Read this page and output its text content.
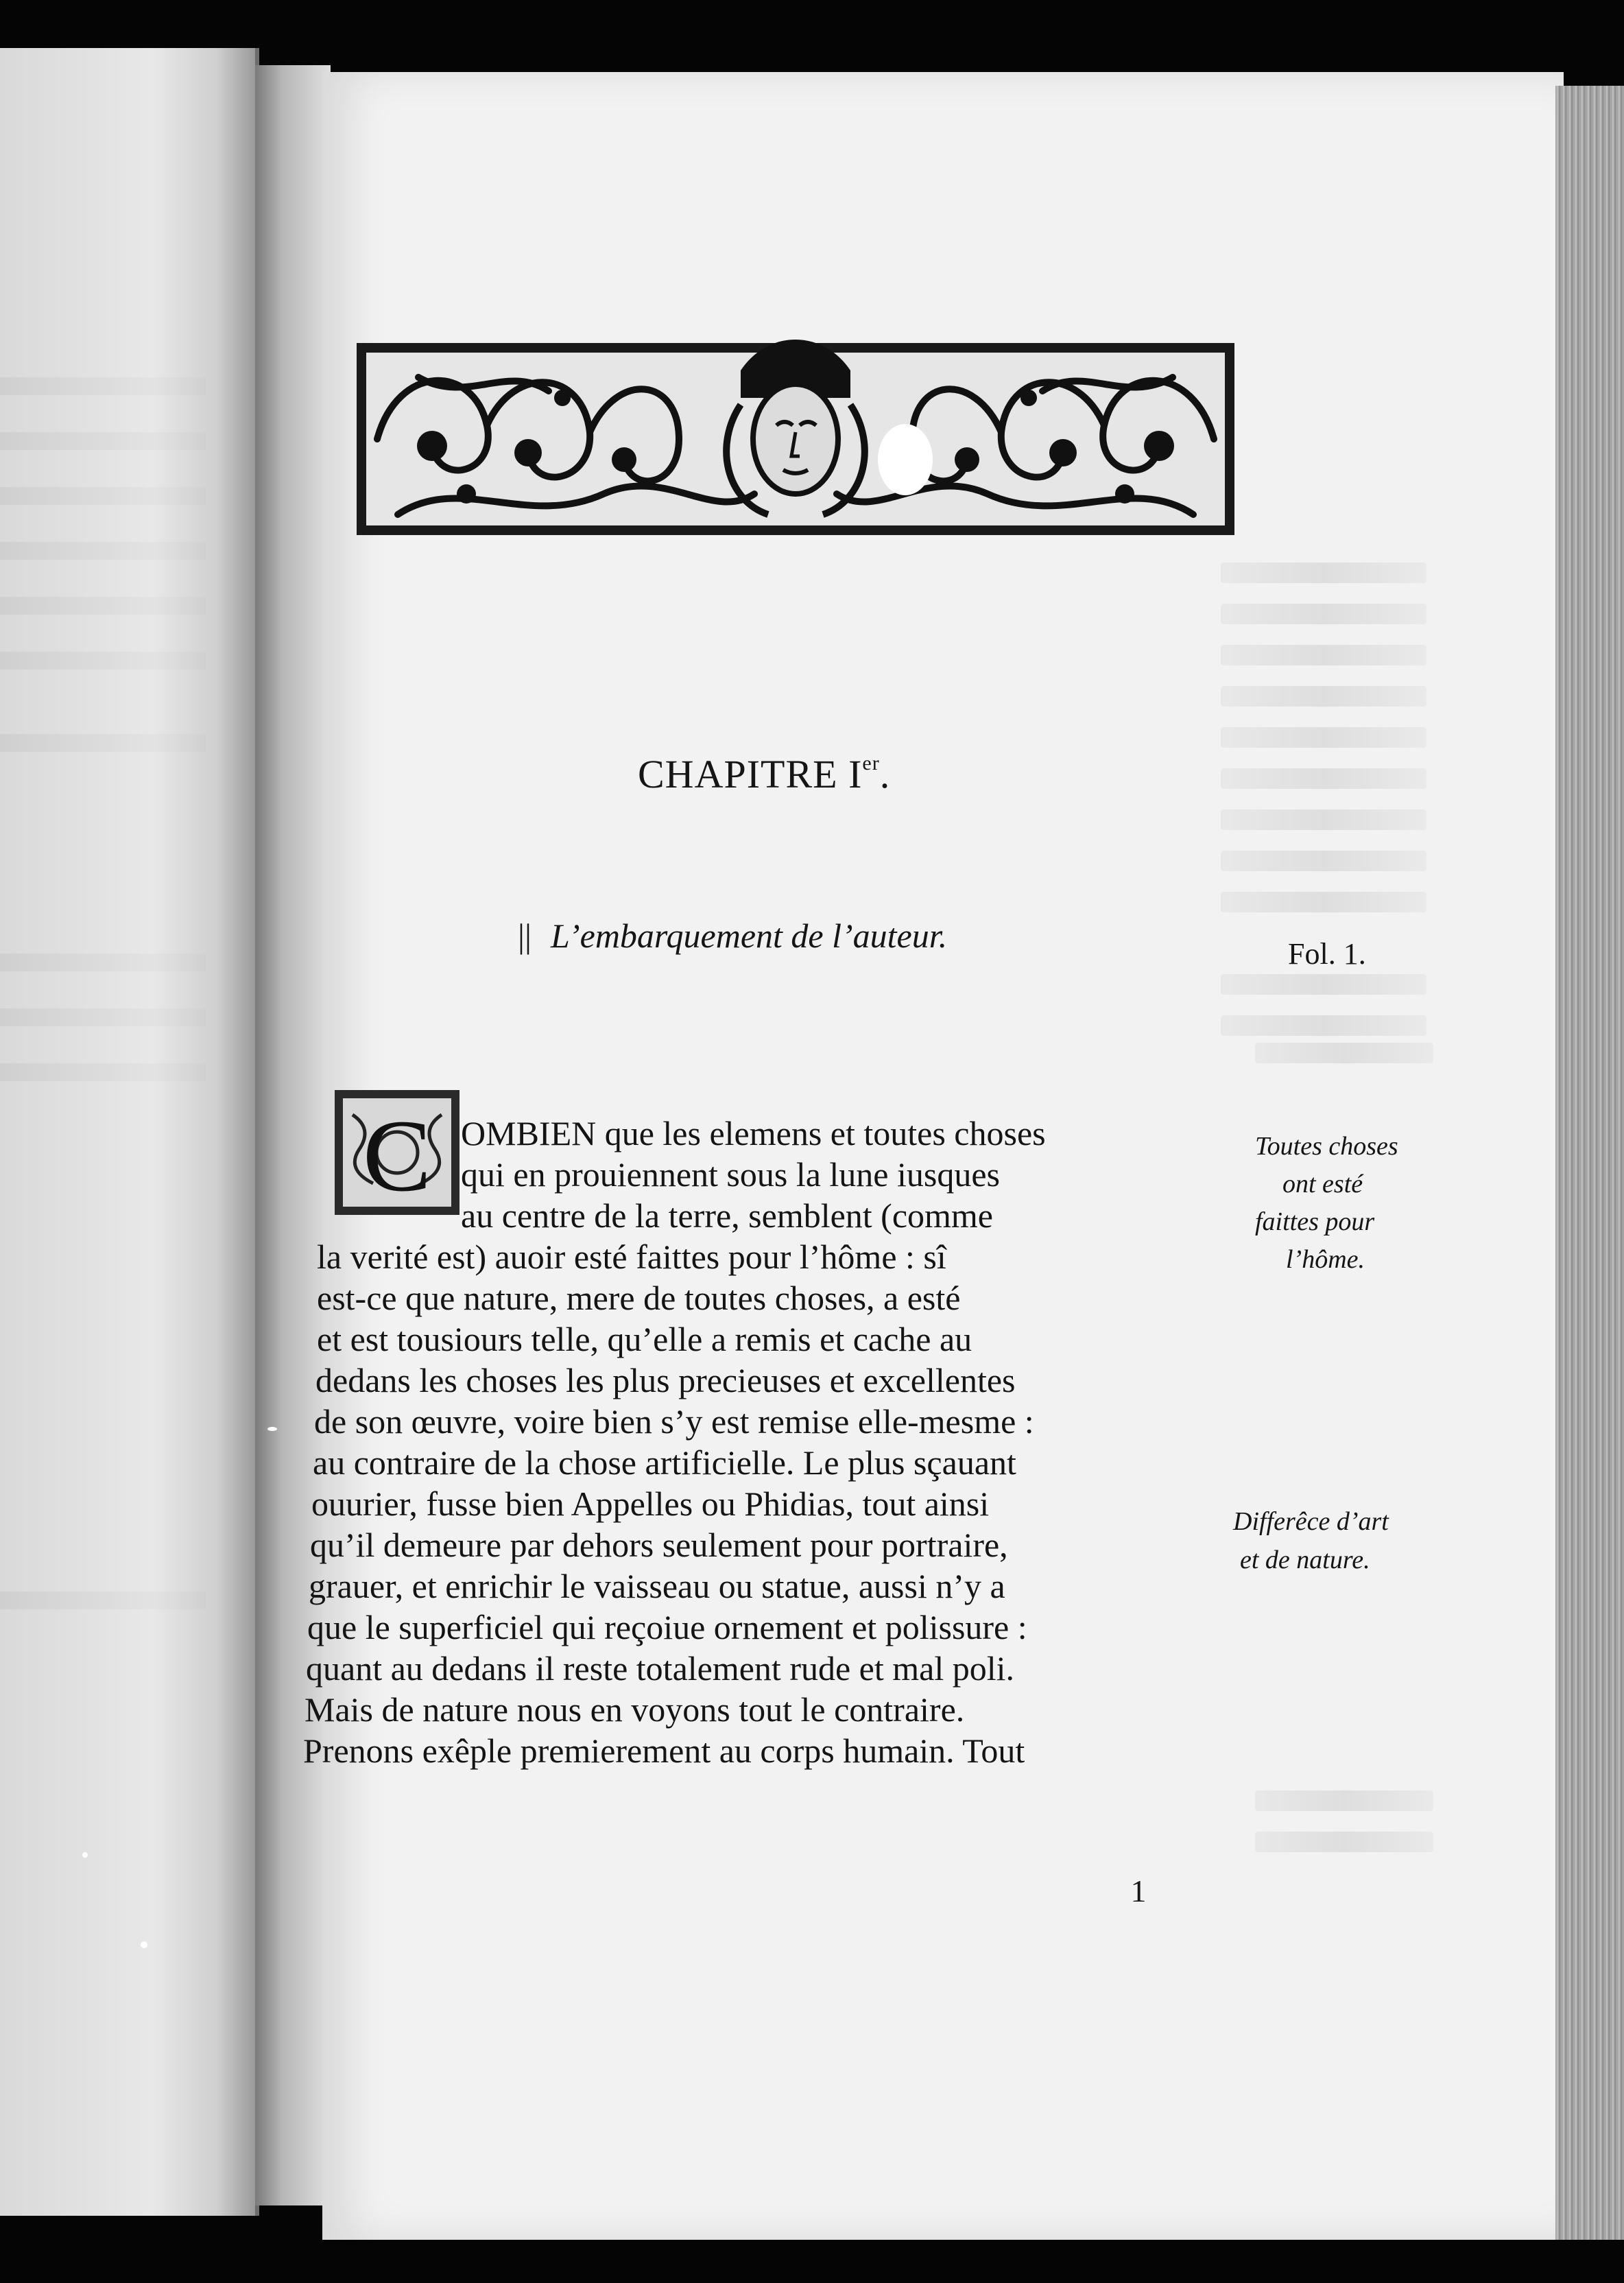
CHAPITRE Ier.
|| L’embarquement de l’auteur.	Fol. 1.
C OMBIEN que les elemens et toutes choses
qui en prouiennent sous la lune iusques
au centre de la terre, semblent (comme
la verité est) auoir esté faittes pour l’hôme : sî
est-ce que nature, mere de toutes choses, a esté
et est tousiours telle, qu’elle a remis et cache au
dedans les choses les plus precieuses et excellentes
de son œuvre, voire bien s’y est remise elle-mesme :
au contraire de la chose artificielle. Le plus sçauant
ouurier, fusse bien Appelles ou Phidias, tout ainsi
qu’il demeure par dehors seulement pour portraire,
grauer, et enrichir le vaisseau ou statue, aussi n’y a
que le superficiel qui reçoiue ornement et polissure :
quant au dedans il reste totalement rude et mal poli.
Mais de nature nous en voyons tout le contraire.
Prenons exêple premierement au corps humain. Tout
Toutes choses
ont esté
faittes pour
l’hôme.
Differêce d’art
et de nature.
1
